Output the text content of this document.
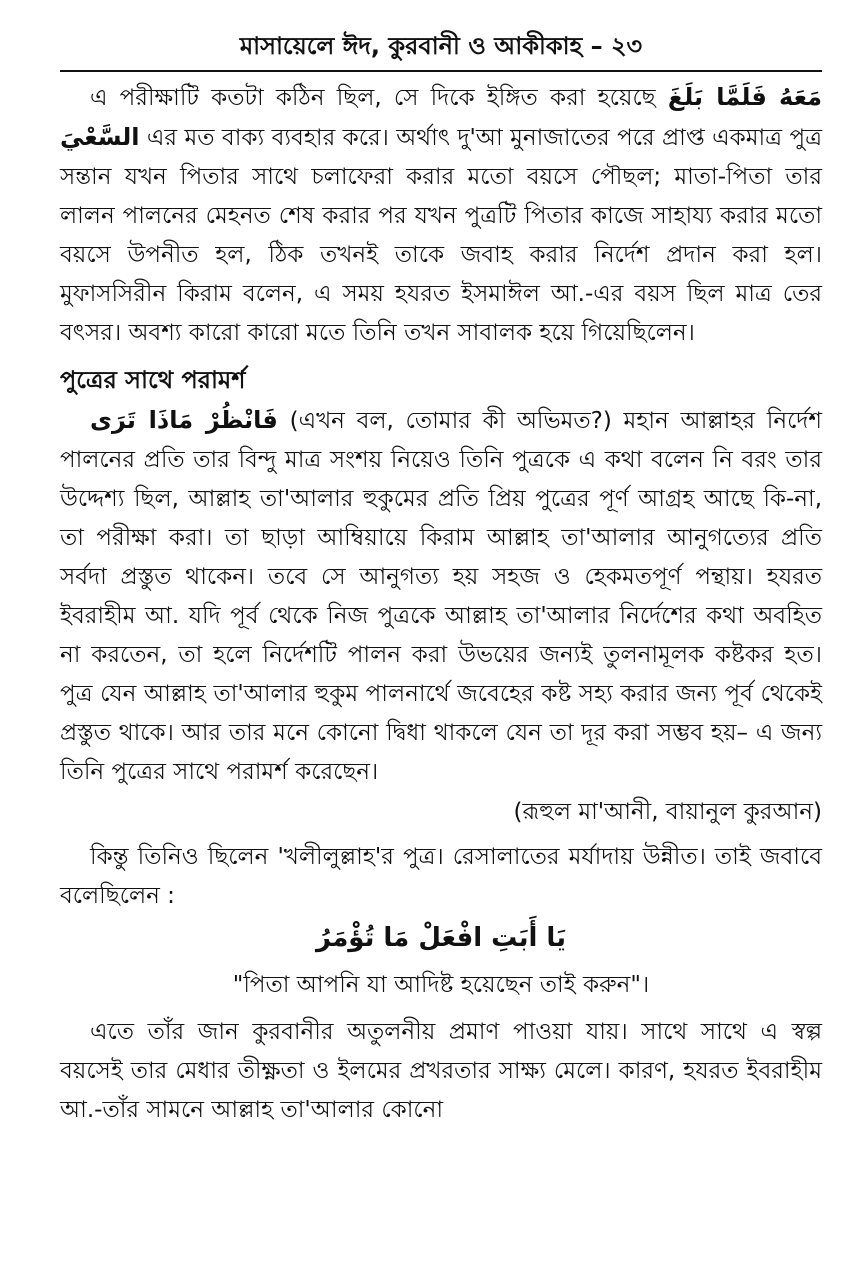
মাসায়েলে ঈদ, কুরবানী ও আকীকাহ – ২৩

এ পরীক্ষাটি কতটা কঠিন ছিল, সে দিকে ইঙ্গিত করা হয়েছে فَلَمَّا بَلَغَ مَعَهُ السَّعْيَ এর মত বাক্য ব্যবহার করে। অর্থাৎ দু'আ মুনাজাতের পরে প্রাপ্ত একমাত্র পুত্র সন্তান যখন পিতার সাথে চলাফেরা করার মতো বয়সে পৌছল; মাতা-পিতা তার লালন পালনের মেহনত শেষ করার পর যখন পুত্রটি পিতার কাজে সাহায্য করার মতো বয়সে উপনীত হল, ঠিক তখনই তাকে জবাহ করার নির্দেশ প্রদান করা হল। মুফাসসিরীন কিরাম বলেন, এ সময় হযরত ইসমাঈল আ.-এর বয়স ছিল মাত্র তের বৎসর। অবশ্য কারো কারো মতে তিনি তখন সাবালক হয়ে গিয়েছিলেন।

পুত্রের সাথে পরামর্শ

فَانْظُرْ مَاذَا تَرَى (এখন বল, তোমার কী অভিমত?) মহান আল্লাহর নির্দেশ পালনের প্রতি তার বিন্দু মাত্র সংশয় নিয়েও তিনি পুত্রকে এ কথা বলেন নি বরং তার উদ্দেশ্য ছিল, আল্লাহ তা'আলার হুকুমের প্রতি প্রিয় পুত্রের পূর্ণ আগ্রহ আছে কি-না, তা পরীক্ষা করা। তা ছাড়া আম্বিয়ায়ে কিরাম আল্লাহ তা'আলার আনুগত্যের প্রতি সর্বদা প্রস্তুত থাকেন। তবে সে আনুগত্য হয় সহজ ও হেকমতপূর্ণ পন্থায়। হযরত ইবরাহীম আ. যদি পূর্ব থেকে নিজ পুত্রকে আল্লাহ তা'আলার নির্দেশের কথা অবহিত না করতেন, তা হলে নির্দেশটি পালন করা উভয়ের জন্যই তুলনামূলক কষ্টকর হত। পুত্র যেন আল্লাহ তা'আলার হুকুম পালনার্থে জবেহের কষ্ট সহ্য করার জন্য পূর্ব থেকেই প্রস্তুত থাকে। আর তার মনে কোনো দ্বিধা থাকলে যেন তা দূর করা সম্ভব হয়– এ জন্য তিনি পুত্রের সাথে পরামর্শ করেছেন।

(রূহুল মা'আনী, বায়ানুল কুরআন)

কিন্তু তিনিও ছিলেন 'খলীলুল্লাহ'র পুত্র। রেসালাতের মর্যাদায় উন্নীত। তাই জবাবে বলেছিলেন :

يَا أَبَتِ افْعَلْ مَا تُؤْمَرُ

"পিতা আপনি যা আদিষ্ট হয়েছেন তাই করুন"।

এতে তাঁর জান কুরবানীর অতুলনীয় প্রমাণ পাওয়া যায়। সাথে সাথে এ স্বল্প বয়সেই তার মেধার তীক্ষ্ণতা ও ইলমের প্রখরতার সাক্ষ্য মেলে। কারণ, হযরত ইবরাহীম আ.-তাঁর সামনে আল্লাহ তা'আলার কোনো
